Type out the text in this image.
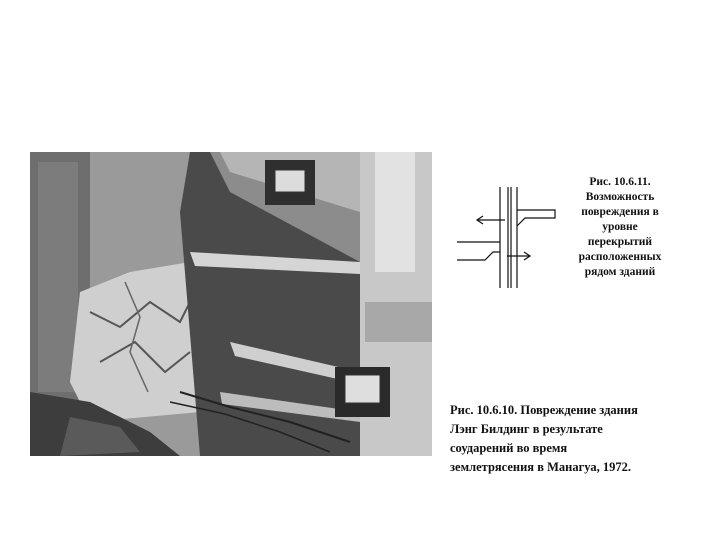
Рис. 10.6.11.
Возможность
повреждения в
уровне
перекрытий
расположенных
рядом зданий
Рис. 10.6.10. Повреждение здания
Лэнг Билдинг в результате
соударений во время
землетрясения в Манагуа, 1972.
